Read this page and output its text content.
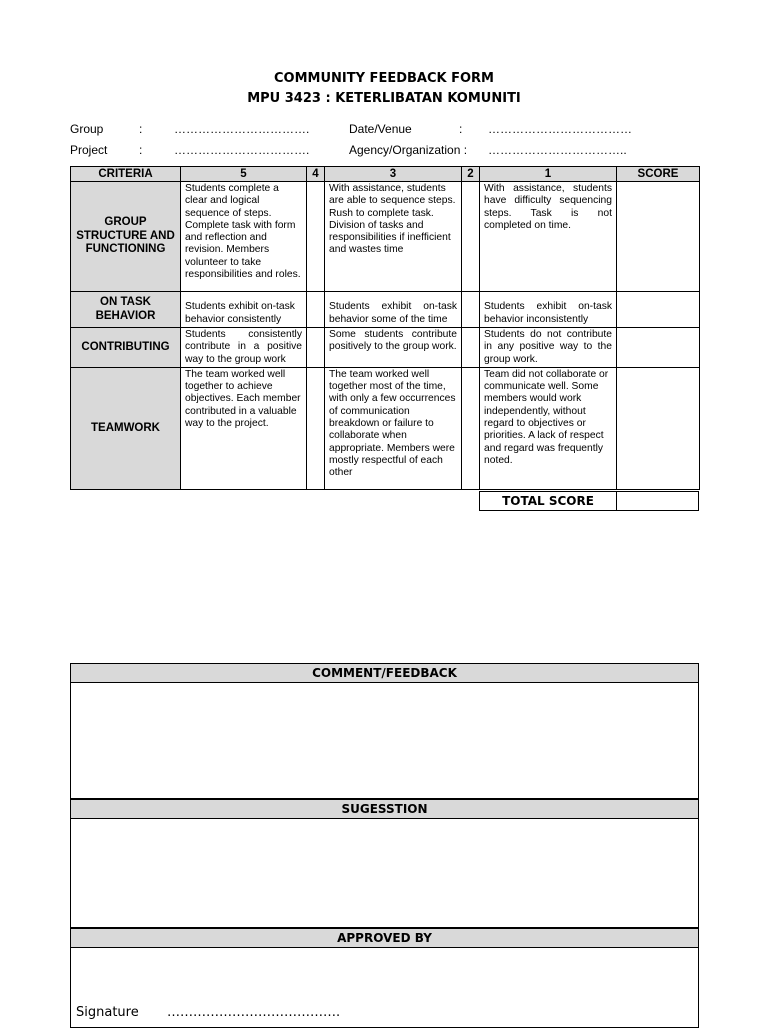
COMMUNITY FEEDBACK FORM
MPU 3423 : KETERLIBATAN KOMUNITI
Group	:	…………………………….	Date/Venue	: ………………………………
Project	:	…………………………….	Agency/Organization : ……………………………..
CRITERIA	5	4	3	2	1	SCORE
GROUP STRUCTURE AND FUNCTIONING	Students complete a clear and logical sequence of steps. Complete task with form and reflection and revision. Members volunteer to take responsibilities and roles.		With assistance, students are able to sequence steps. Rush to complete task. Division of tasks and responsibilities if inefficient and wastes time		With assistance, students have difficulty sequencing steps. Task is not completed on time.	
ON TASK BEHAVIOR	Students exhibit on-task behavior consistently		Students exhibit on-task behavior some of the time		Students exhibit on-task behavior inconsistently	
CONTRIBUTING	Students consistently contribute in a positive way to the group work		Some students contribute positively to the group work.		Students do not contribute in any positive way to the group work.	
TEAMWORK	The team worked well together to achieve objectives. Each member contributed in a valuable way to the project.		The team worked well together most of the time, with only a few occurrences of communication breakdown or failure to collaborate when appropriate. Members were mostly respectful of each other		Team did not collaborate or communicate well. Some members would work independently, without regard to objectives or priorities. A lack of respect and regard was frequently noted.	
TOTAL SCORE
COMMENT/FEEDBACK
SUGESSTION
APPROVED BY
Signature ………………………………….
